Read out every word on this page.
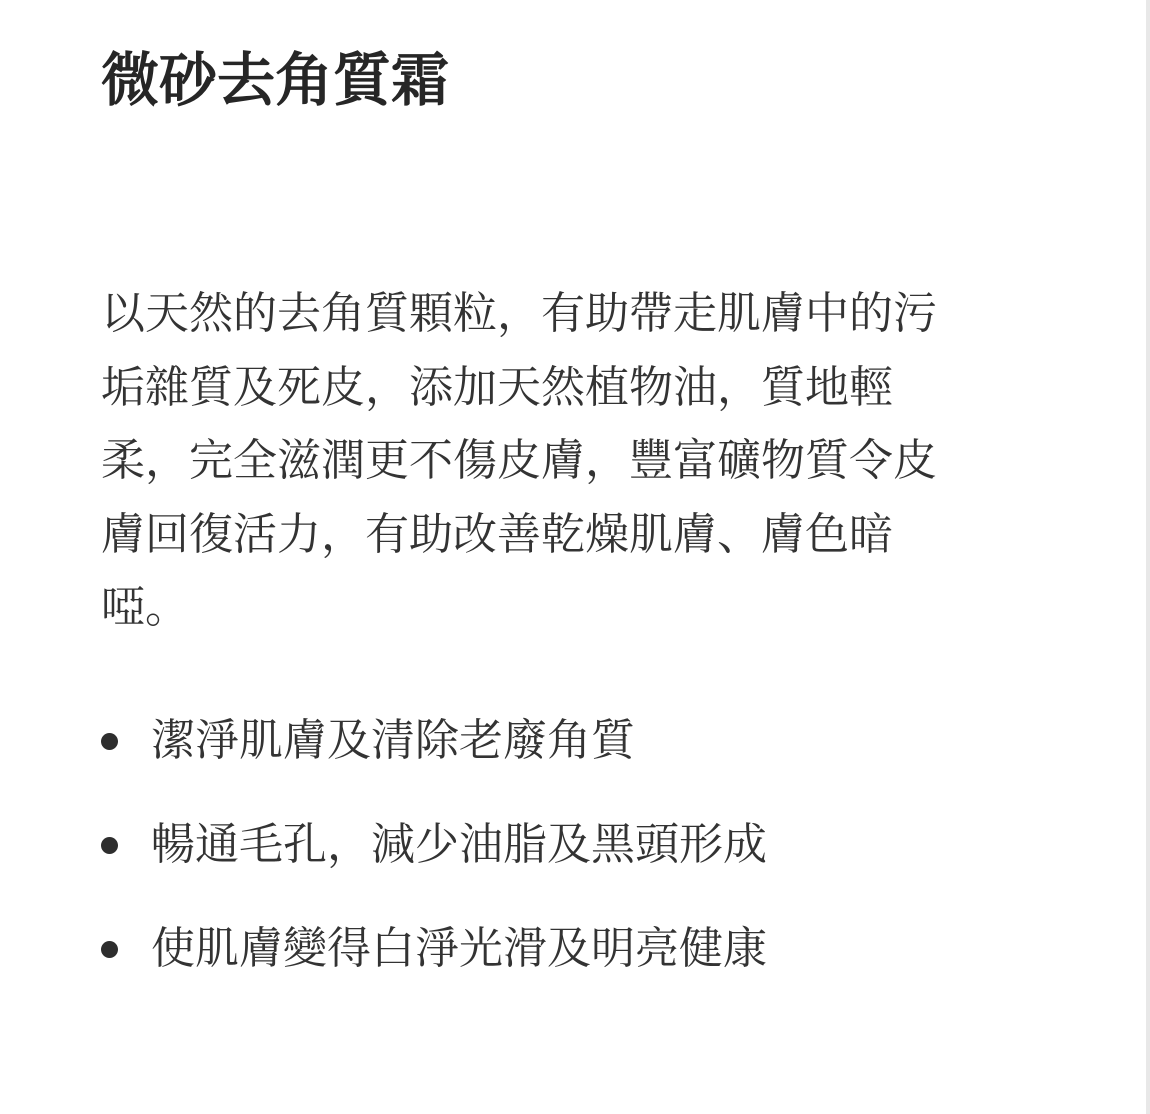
微砂去角質霜

以天然的去角質顆粒，有助帶走肌膚中的污
垢雜質及死皮，添加天然植物油，質地輕
柔，完全滋潤更不傷皮膚，豐富礦物質令皮
膚回復活力，有助改善乾燥肌膚、膚色暗
啞。

潔淨肌膚及清除老廢角質
暢通毛孔，減少油脂及黑頭形成
使肌膚變得白淨光滑及明亮健康
